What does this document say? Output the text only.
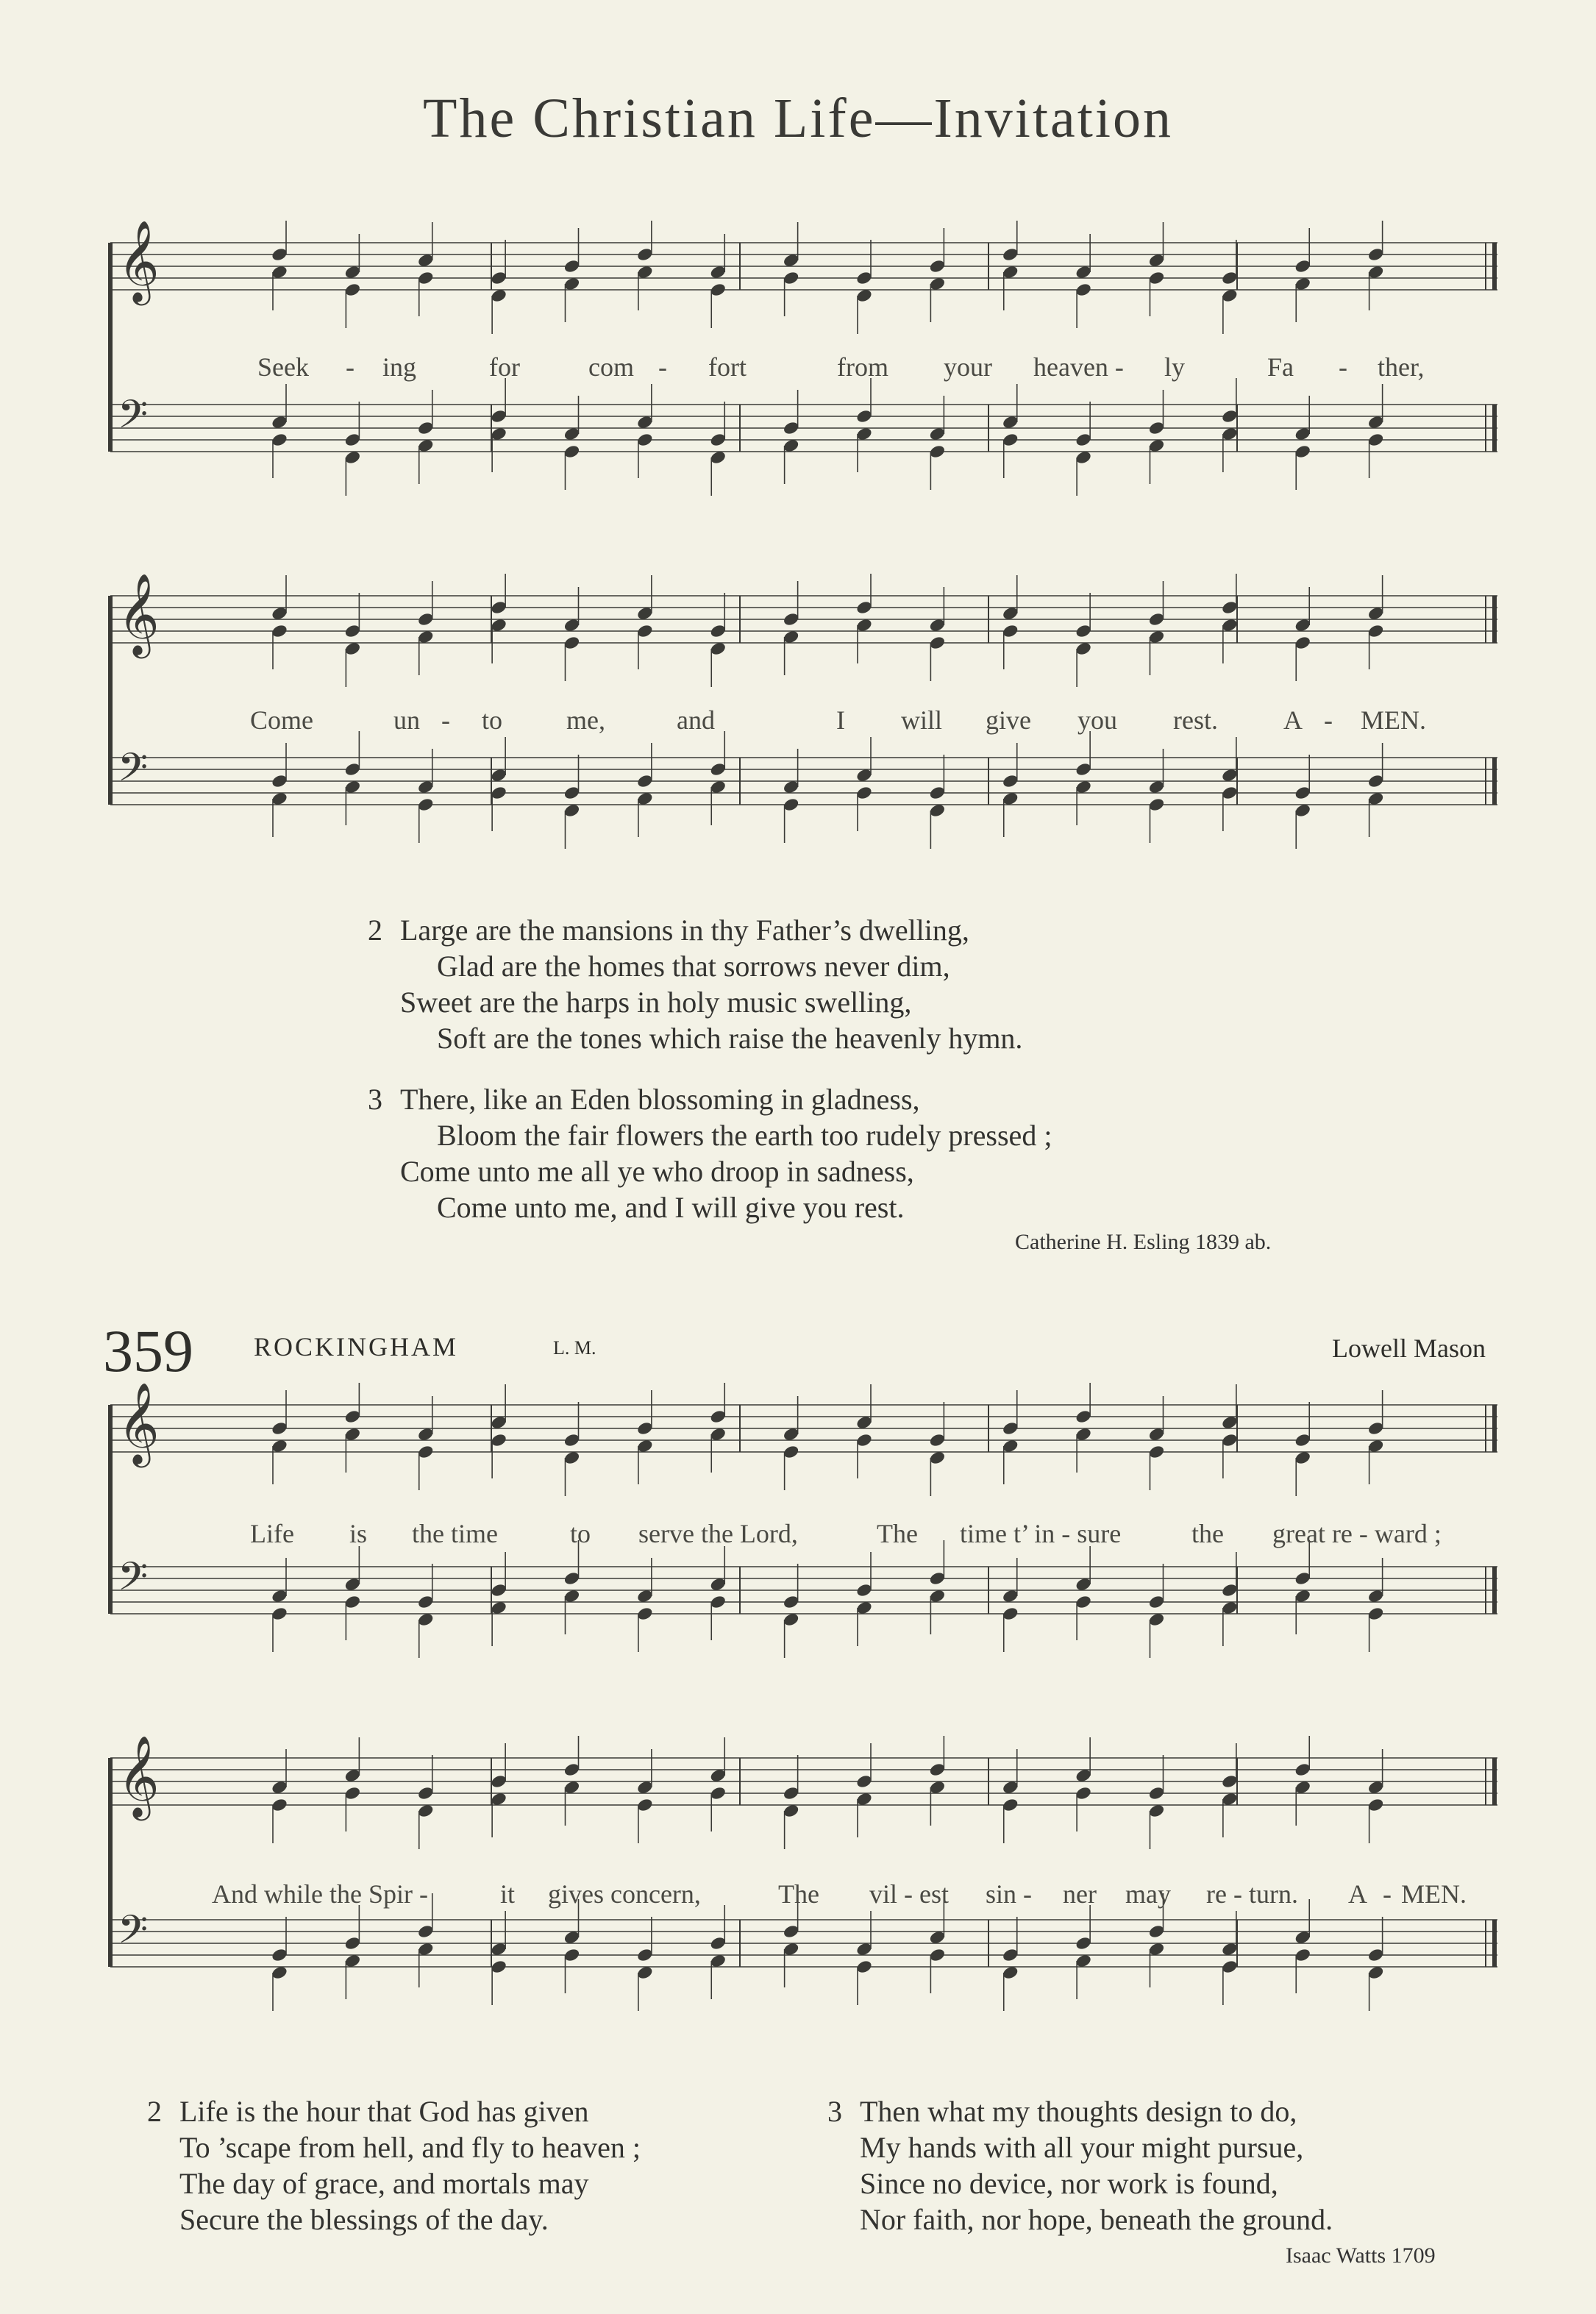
The Christian Life—Invitation
𝄞
𝄢
Seek - ing	for	com - fort	from your heaven - ly	Fa - ther,
𝄞
𝄢
Come	un - to me,	and	I will give you rest. A - MEN.
2 Large are the mansions in thy Father’s dwelling,
Glad are the homes that sorrows never dim,
Sweet are the harps in holy music swelling,
Soft are the tones which raise the heavenly hymn.
3 There, like an Eden blossoming in gladness,
Bloom the fair flowers the earth too rudely pressed ;
Come unto me all ye who droop in sadness,
Come unto me, and I will give you rest.
Catherine H. Esling 1839 ab.
359 ROCKINGHAM	L. M.	Lowell Mason
𝄞
𝄢
Life is the time	to serve the Lord,	The time t’ in - sure	the great re - ward ;
𝄞
𝄢
And while the Spir -	it gives concern,	The vil - est sin - ner may re - turn. A - MEN.
2 Life is the hour that God has given
To ’scape from hell, and fly to heaven ;
The day of grace, and mortals may
Secure the blessings of the day.
3 Then what my thoughts design to do,
My hands with all your might pursue,
Since no device, nor work is found,
Nor faith, nor hope, beneath the ground.
Isaac Watts 1709
